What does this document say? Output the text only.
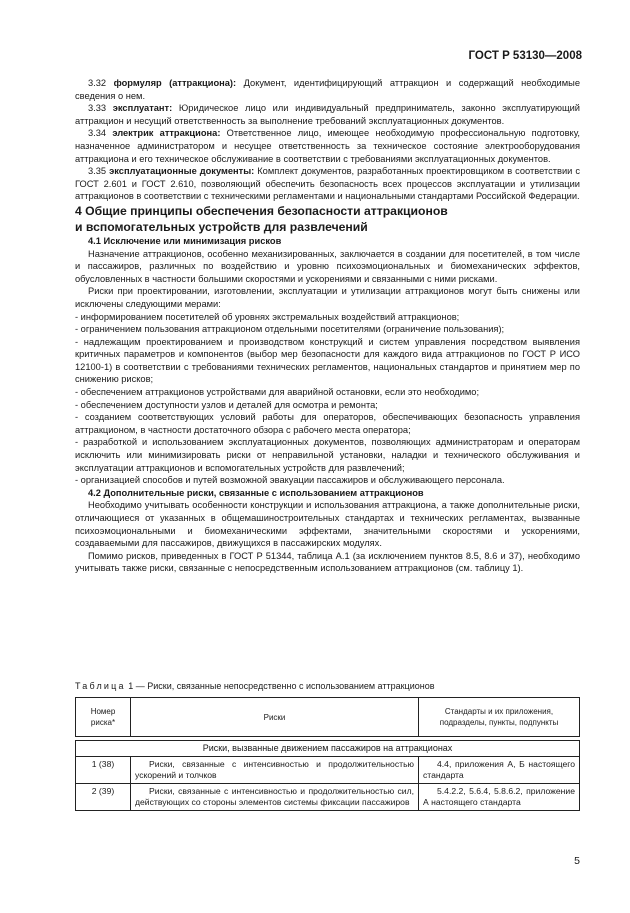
ГОСТ Р 53130—2008

3.32 формуляр (аттракциона): Документ, идентифицирующий аттракцион и содержащий необходимые сведения о нем.

3.33 эксплуатант: Юридическое лицо или индивидуальный предприниматель, законно эксплуатирующий аттракцион и несущий ответственность за выполнение требований эксплуатационных документов.

3.34 электрик аттракциона: Ответственное лицо, имеющее необходимую профессиональную подготовку, назначенное администратором и несущее ответственность за техническое состояние электрооборудования аттракциона и его техническое обслуживание в соответствии с требованиями эксплуатационных документов.

3.35 эксплуатационные документы: Комплект документов, разработанных проектировщиком в соответствии с ГОСТ 2.601 и ГОСТ 2.610, позволяющий обеспечить безопасность всех процессов эксплуатации и утилизации аттракционов в соответствии с техническими регламентами и национальными стандартами Российской Федерации.

4 Общие принципы обеспечения безопасности аттракционов
и вспомогательных устройств для развлечений

4.1 Исключение или минимизация рисков

Назначение аттракционов, особенно механизированных, заключается в создании для посетителей, в том числе и пассажиров, различных по воздействию и уровню психоэмоциональных и биомеханических эффектов, обусловленных в частности большими скоростями и ускорениями и связанными с ними рисками.

Риски при проектировании, изготовлении, эксплуатации и утилизации аттракционов могут быть снижены или исключены следующими мерами:

- информированием посетителей об уровнях экстремальных воздействий аттракционов;

- ограничением пользования аттракционом отдельными посетителями (ограничение пользования);

- надлежащим проектированием и производством конструкций и систем управления посредством выявления критичных параметров и компонентов (выбор мер безопасности для каждого вида аттракционов по ГОСТ Р ИСО 12100-1) в соответствии с требованиями технических регламентов, национальных стандартов и принятием мер по снижению рисков;

- обеспечением аттракционов устройствами для аварийной остановки, если это необходимо;

- обеспечением доступности узлов и деталей для осмотра и ремонта;

- созданием соответствующих условий работы для операторов, обеспечивающих безопасность управления аттракционом, в частности достаточного обзора с рабочего места оператора;

- разработкой и использованием эксплуатационных документов, позволяющих администраторам и операторам исключить или минимизировать риски от неправильной установки, наладки и технического обслуживания и эксплуатации аттракционов и вспомогательных устройств для развлечений;

- организацией способов и путей возможной эвакуации пассажиров и обслуживающего персонала.

4.2 Дополнительные риски, связанные с использованием аттракционов

Необходимо учитывать особенности конструкции и использования аттракциона, а также дополнительные риски, отличающиеся от указанных в общемашиностроительных стандартах и технических регламентах, вызванные психоэмоциональными и биомеханическими эффектами, значительными скоростями и ускорениями, создаваемыми для пассажиров, движущихся в пассажирских модулях.

Помимо рисков, приведенных в ГОСТ Р 51344, таблица А.1 (за исключением пунктов 8.5, 8.6 и 37), необходимо учитывать также риски, связанные с непосредственным использованием аттракционов (см. таблицу 1).

Таблица 1 — Риски, связанные непосредственно с использованием аттракционов
Номер риска*	Риски	Стандарты и их приложения, подразделы, пункты, подпункты

Риски, вызванные движением пассажиров на аттракционах		
1 (38)	Риски, связанные с интенсивностью и продолжительностью ускорений и толчков	4.4, приложения А, Б настоящего стандарта
2 (39)	Риски, связанные с интенсивностью и продолжительностью сил, действующих со стороны элементов системы фиксации пассажиров	5.4.2.2, 5.6.4, 5.8.6.2, приложение А настоящего стандарта
5
